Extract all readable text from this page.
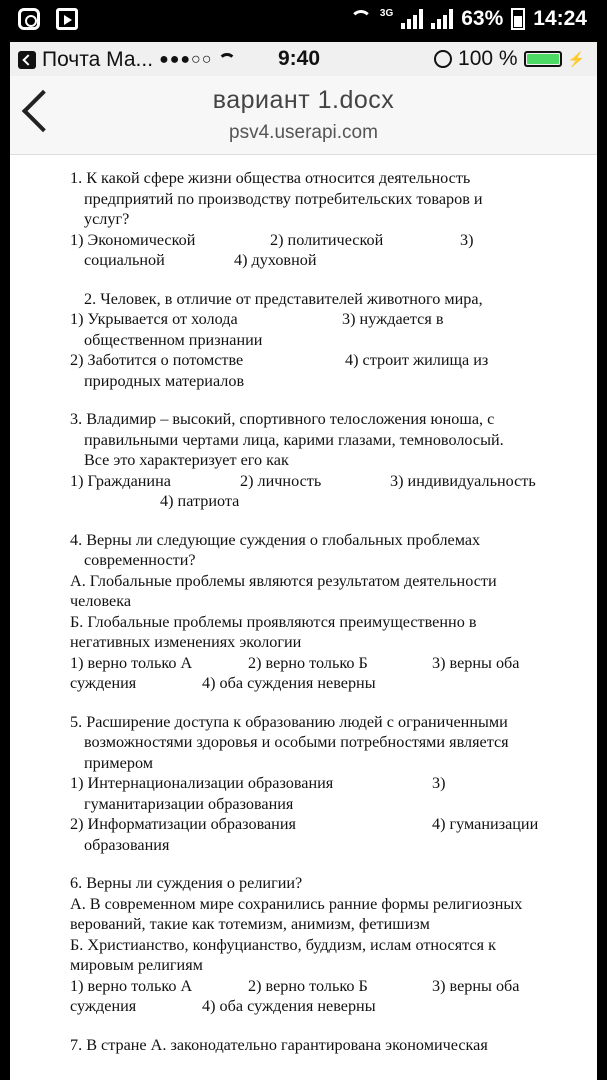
3G	63% 14:24
Почта Ма... ●●●○○	9:40	100 %	⚡
вариант 1.docx
psv4.userapi.com
1. К какой сфере жизни общества относится деятельность
предприятий по производству потребительских товаров и
услуг?
1) Экономической	2) политической	3)
социальной	4) духовной
2. Человек, в отличие от представителей животного мира,
1) Укрывается от холода	3) нуждается в
общественном признании
2) Заботится о потомстве	4) строит жилища из
природных материалов
3. Владимир – высокий, спортивного телосложения юноша, с
правильными чертами лица, карими глазами, темноволосый.
Все это характеризует его как
1) Гражданина	2) личность	3) индивидуальность
4) патриота
4. Верны ли следующие суждения о глобальных проблемах
современности?
А. Глобальные проблемы являются результатом деятельности
человека
Б. Глобальные проблемы проявляются преимущественно в
негативных изменениях экологии
1) верно только А	2) верно только Б	3) верны оба
суждения	4) оба суждения неверны
5. Расширение доступа к образованию людей с ограниченными
возможностями здоровья и особыми потребностями является
примером
1) Интернационализации образования	3)
гуманитаризации образования
2) Информатизации образования	4) гуманизации
образования
6. Верны ли суждения о религии?
А. В современном мире сохранились ранние формы религиозных
верований, такие как тотемизм, анимизм, фетишизм
Б. Христианство, конфуцианство, буддизм, ислам относятся к
мировым религиям
1) верно только А	2) верно только Б	3) верны оба
суждения	4) оба суждения неверны
7. В стране А. законодательно гарантирована экономическая
